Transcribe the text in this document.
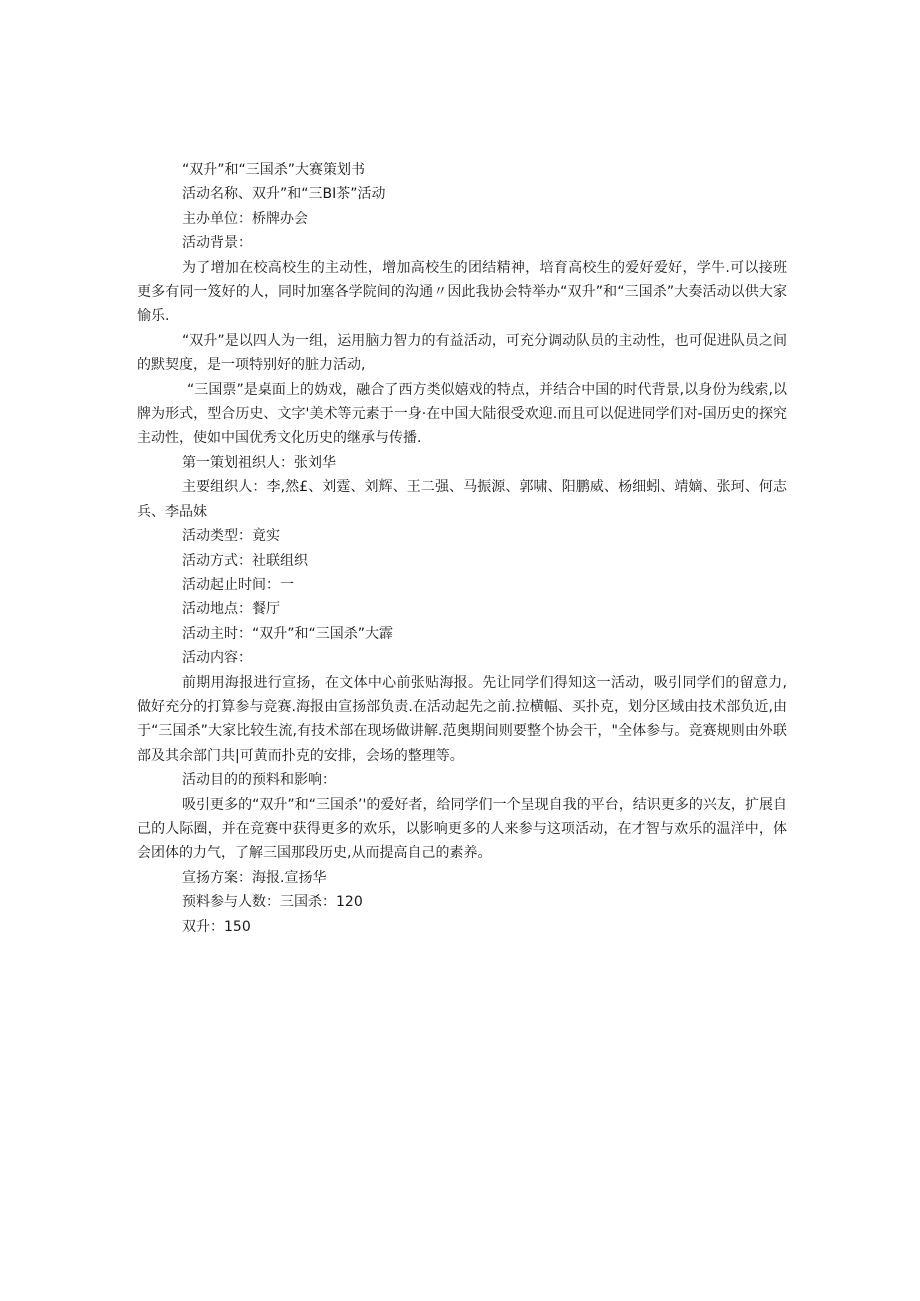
“双升”和“三国杀”大赛策划书
活动名称、双升”和“三BI茶”活动
主办单位：桥牌办会
活动背景：

为了增加在校高校生的主动性，增加高校生的团结精神，培育高校生的爱好爱好，学牛.可以接班更多有同一笈好的人，同时加塞各学院间的沟通〃因此我协会特举办“双升”和“三国杀”大奏活动以供大家愉乐.

“双升”是以四人为一组，运用脑力智力的有益活动，可充分调动队员的主动性，也可促进队员之间的默契度，是一项特别好的脏力活动,

“三国票”是桌面上的妫戏，融合了西方类似嬉戏的特点，并结合中国的时代背景,以身份为线索,以牌为形式，型合历史、文字'美术等元素于一身·在中国大陆很受欢迎.而且可以促进同学们对-国历史的探究主动性，使如中国优秀文化历史的继承与传播.

第一策划祖织人：张刘华

主要组织人：李,然£、刘霆、刘辉、王二强、马振源、郭啸、阳鹏威、杨细蚓、靖嫡、张珂、何志兵、李品妹

活动类型：竟实
活动方式：社联组织
活动起止时间：一
活动地点：餐厅
活动主时：“双升”和“三国杀”大霹
活动内容：

前期用海报进行宣扬，在文体中心前张贴海报。先让同学们得知这一活动，吸引同学们的留意力,做好充分的打算参与竞赛.海报由宣扬部负责.在活动起先之前.拉横幅、买扑克，划分区域由技术部负近,由于“三国杀”大家比较生流,有技术部在现场做讲解.范奥期间则要整个协会干，"全体参与。竞赛规则由外联部及其余部门共|可黄而扑克的安排，会场的整理等。

活动目的的预料和影响：

吸引更多的“双升”和“三国杀’'的爱好者，给同学们一个呈现自我的平台，结识更多的兴友，扩展自己的人际圈，并在竞赛中获得更多的欢乐，以影响更多的人来参与这项活动，在才智与欢乐的温洋中，体会团体的力气，了解三国那段历史,从而提高自己的素养。

宣扬方案：海报.宣扬华
预料参与人数：三国杀：120
双升：150
